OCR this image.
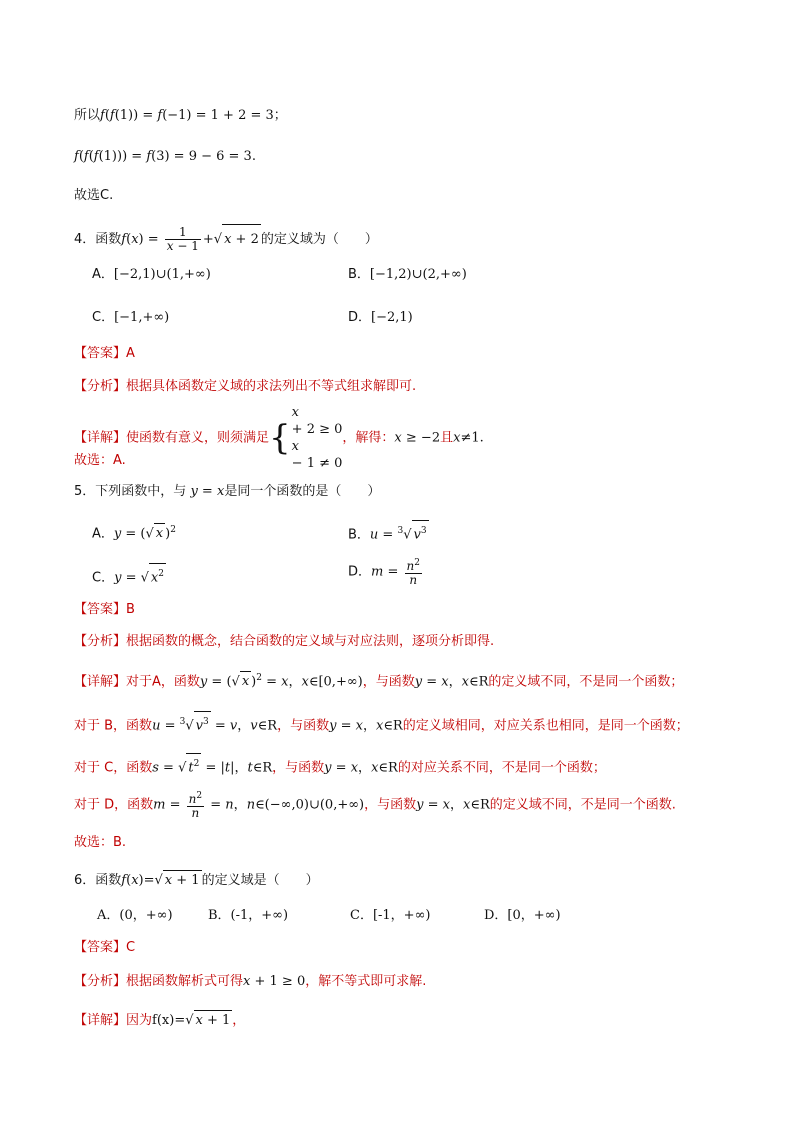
所以f(f(1)) = f(−1) = 1 + 2 = 3；
f(f(f(1))) = f(3) = 9 − 6 = 3.
故选C.
4．函数$f(x) = \frac{1}{x - 1}$ +√ x + 2 的定义域为（　　）
A．[−2,1)∪(1,+∞)	B．[−1,2)∪(2,+∞)
C．[−1,+∞)	D．[−2,1)
【答案】A
【分析】根据具体函数定义域的求法列出不等式组求解即可.
【详解】使函数有意义，则须满足{
x
+ 2 ≥ 0
x
− 1 ≠ 0
，解得：x ≥ −2且x≠1.
故选：A.
5．下列函数中，与 y = x是同一个函数的是（　　）
A．y = (√ x )$^2$	B．u = $^3$√ $v^3$
C．y = √ $x^2$	D．$m = \frac{n^2}{n}$
【答案】B
【分析】根据函数的概念，结合函数的定义域与对应法则，逐项分析即得.
【详解】对于A，函数y = (√ x )$^2$ = x，x∈[0,+∞)，与函数y = x，x∈R的定义域不同，不是同一个函数；
对于 B，函数u = $^3$√ $v^3 = v$，v∈R，与函数y = x，x∈R的定义域相同，对应关系也相同，是同一个函数；
对于 C，函数s = √ $t^2 = |t|$，t∈R，与函数y = x，x∈R的对应关系不同，不是同一个函数；
对于 D，函数$m = \frac{n^2}{n} = n$，n∈(−∞,0)∪(0,+∞)，与函数y = x，x∈R的定义域不同，不是同一个函数.
故选：B.
6．函数f(x)=√ x + 1 的定义域是（　　）
A．(0，+∞)	B．(-1，+∞)	C．[-1，+∞)	D．[0，+∞)
【答案】C
【分析】根据函数解析式可得x + 1 ≥ 0，解不等式即可求解.
【详解】因为f(x)=√ x + 1 ，
